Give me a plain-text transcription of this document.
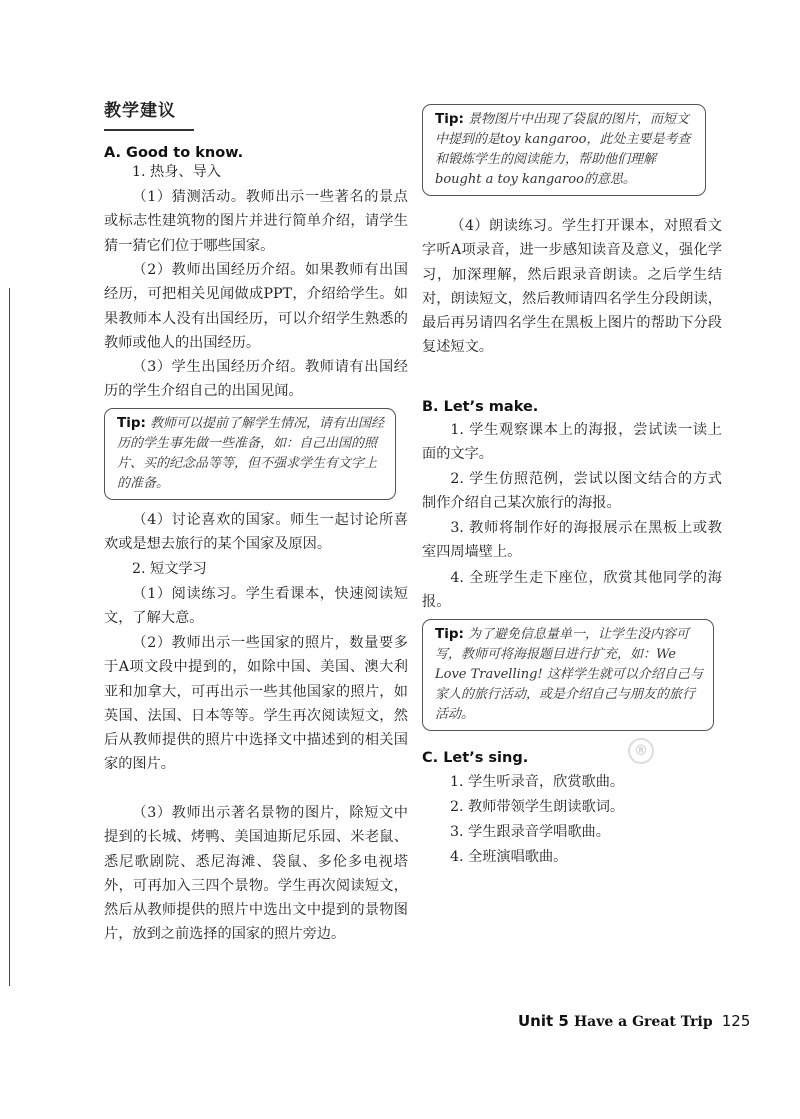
教学建议
A. Good to know.
1. 热身、导入
（1）猜测活动。教师出示一些著名的景点或标志性建筑物的图片并进行简单介绍，请学生猜一猜它们位于哪些国家。
（2）教师出国经历介绍。如果教师有出国经历，可把相关见闻做成PPT，介绍给学生。如果教师本人没有出国经历，可以介绍学生熟悉的教师或他人的出国经历。
（3）学生出国经历介绍。教师请有出国经历的学生介绍自己的出国见闻。
Tip: 教师可以提前了解学生情况，请有出国经历的学生事先做一些准备，如：自己出国的照片、买的纪念品等等，但不强求学生有文字上的准备。
（4）讨论喜欢的国家。师生一起讨论所喜欢或是想去旅行的某个国家及原因。
2. 短文学习
（1）阅读练习。学生看课本，快速阅读短文，了解大意。
（2）教师出示一些国家的照片，数量要多于A项文段中提到的，如除中国、美国、澳大利亚和加拿大，可再出示一些其他国家的照片，如英国、法国、日本等等。学生再次阅读短文，然后从教师提供的照片中选择文中描述到的相关国家的图片。
（3）教师出示著名景物的图片，除短文中提到的长城、烤鸭、美国迪斯尼乐园、米老鼠、悉尼歌剧院、悉尼海滩、袋鼠、多伦多电视塔外，可再加入三四个景物。学生再次阅读短文，然后从教师提供的照片中选出文中提到的景物图片，放到之前选择的国家的照片旁边。
Tip: 景物图片中出现了袋鼠的图片，而短文中提到的是toy kangaroo，此处主要是考查和锻炼学生的阅读能力，帮助他们理解bought a toy kangaroo的意思。
（4）朗读练习。学生打开课本，对照看文字听A项录音，进一步感知读音及意义，强化学习，加深理解，然后跟录音朗读。之后学生结对，朗读短文，然后教师请四名学生分段朗读，最后再另请四名学生在黑板上图片的帮助下分段复述短文。
B. Let’s make.
1. 学生观察课本上的海报，尝试读一读上面的文字。
2. 学生仿照范例，尝试以图文结合的方式制作介绍自己某次旅行的海报。
3. 教师将制作好的海报展示在黑板上或教室四周墙壁上。
4. 全班学生走下座位，欣赏其他同学的海报。
Tip: 为了避免信息量单一，让学生没内容可写，教师可将海报题目进行扩充，如：We Love Travelling! 这样学生就可以介绍自己与家人的旅行活动，或是介绍自己与朋友的旅行活动。
C. Let’s sing.
1. 学生听录音，欣赏歌曲。
2. 教师带领学生朗读歌词。
3. 学生跟录音学唱歌曲。
4. 全班演唱歌曲。
®
Unit 5 Have a Great Trip 125
